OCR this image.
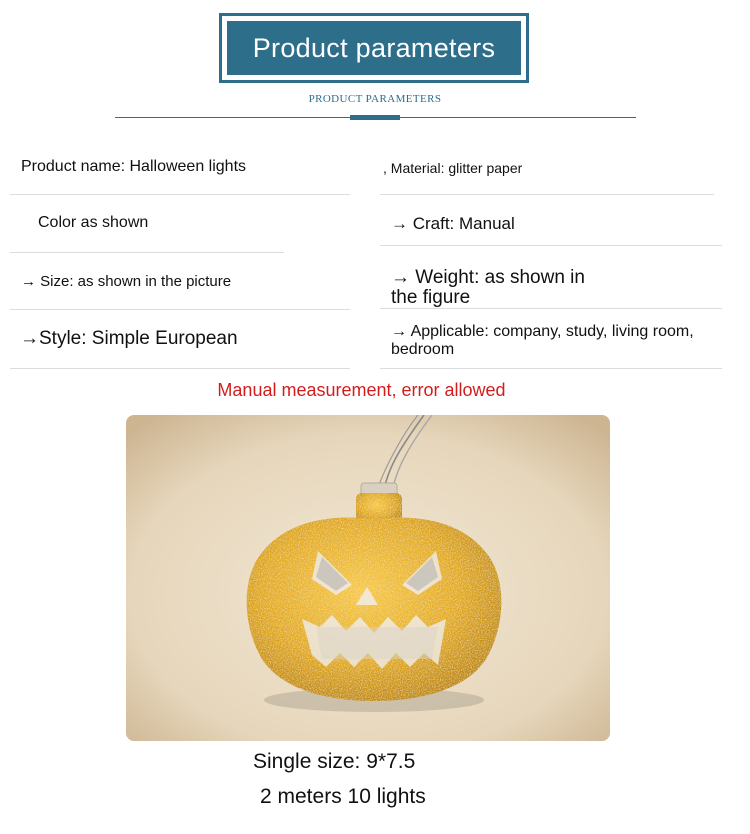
Product parameters
PRODUCT PARAMETERS
Product name: Halloween lights	, Material: glitter paper
Color as shown	→ Craft: Manual
→ Size: as shown in the picture	→ Weight: as shown in
the figure
→Style: Simple European	→ Applicable: company, study, living room,
bedroom
Manual measurement, error allowed
Single size: 9*7.5
2 meters 10 lights
